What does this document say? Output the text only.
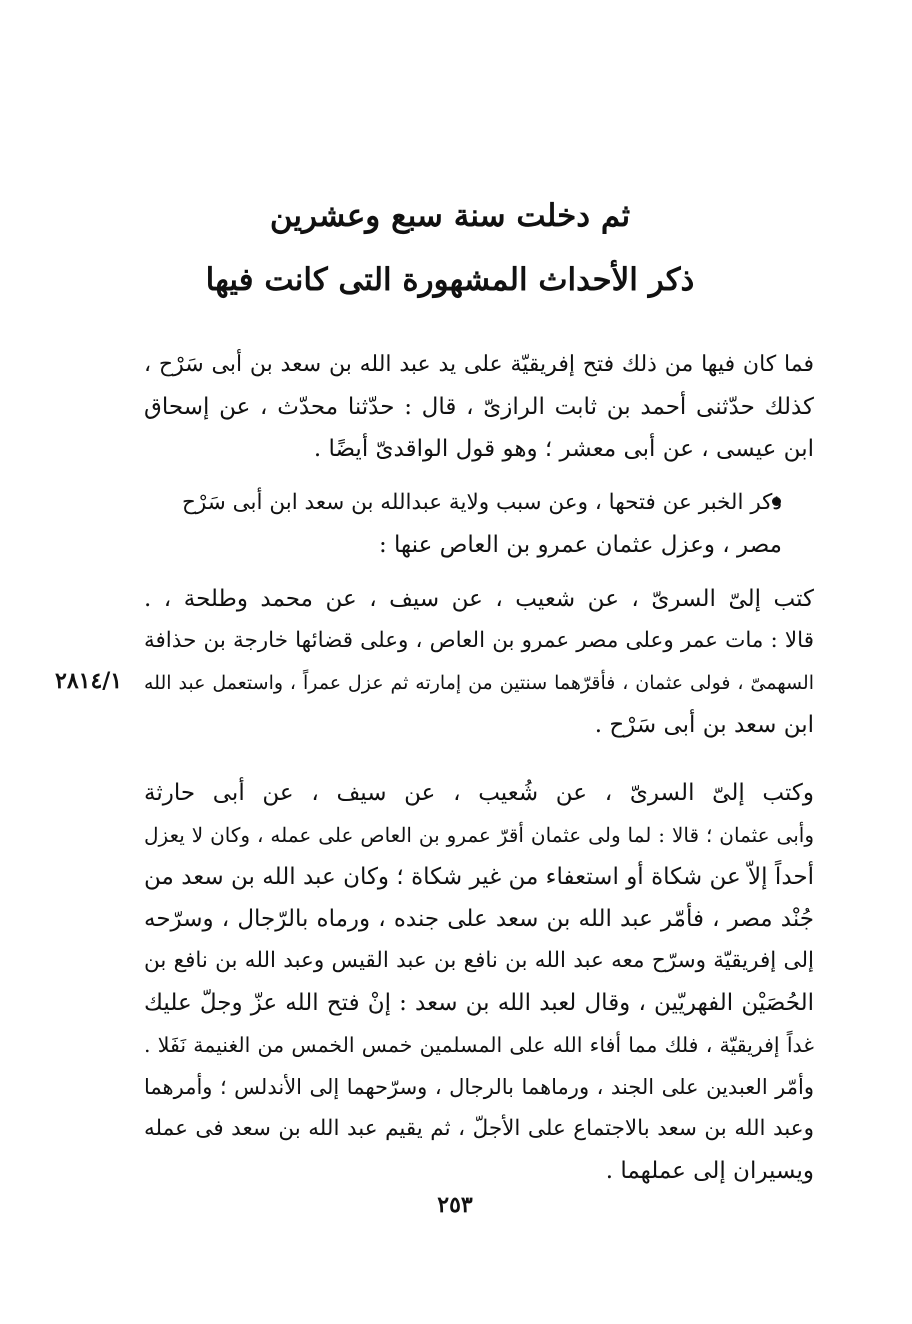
ثم دخلت سنة سبع وعشرين
ذكر الأحداث المشهورة التى كانت فيها
فما كان فيها من ذلك فتح إفريقيّة على يد عبد الله بن سعد بن أبى سَرْح ،
كذلك حدّثنى أحمد بن ثابت الرازىّ ، قال : حدّثنا محدّث ، عن إسحاق
ابن عيسى ، عن أبى معشر ؛ وهو قول الواقدىّ أيضًا .
ذكر الخبر عن فتحها ، وعن سبب ولاية عبدالله بن سعد ابن أبى سَرْح
مصر ، وعزل عثمان عمرو بن العاص عنها :
كتب إلىّ السرىّ ، عن شعيب ، عن سيف ، عن محمد وطلحة ، .
قالا : مات عمر وعلى مصر عمرو بن العاص ، وعلى قضائها خارجة بن حذافة
السهمىّ ، فولى عثمان ، فأقرّهما سنتين من إمارته ثم عزل عمراً ، واستعمل عبد الله
ابن سعد بن أبى سَرْح .
٢٨١٤/١
وكتب إلىّ السرىّ ، عن شُعيب ، عن سيف ، عن أبى حارثة
وأبى عثمان ؛ قالا : لما ولى عثمان أقرّ عمرو بن العاص على عمله ، وكان لا يعزل
أحداً إلاّ عن شكاة أو استعفاء من غير شكاة ؛ وكان عبد الله بن سعد من
جُنْد مصر ، فأمّر عبد الله بن سعد على جنده ، ورماه بالرّجال ، وسرّحه
إلى إفريقيّة وسرّح معه عبد الله بن نافع بن عبد القيس وعبد الله بن نافع بن
الحُصَيْن الفهريّين ، وقال لعبد الله بن سعد : إنْ فتح الله عزّ وجلّ عليك
غداً إفريقيّة ، فلك مما أفاء الله على المسلمين خمس الخمس من الغنيمة نَفَلا .
وأمّر العبدين على الجند ، ورماهما بالرجال ، وسرّحهما إلى الأندلس ؛ وأمرهما
وعبد الله بن سعد بالاجتماع على الأجلّ ، ثم يقيم عبد الله بن سعد فى عمله
ويسيران إلى عملهما .
٢٥٣
